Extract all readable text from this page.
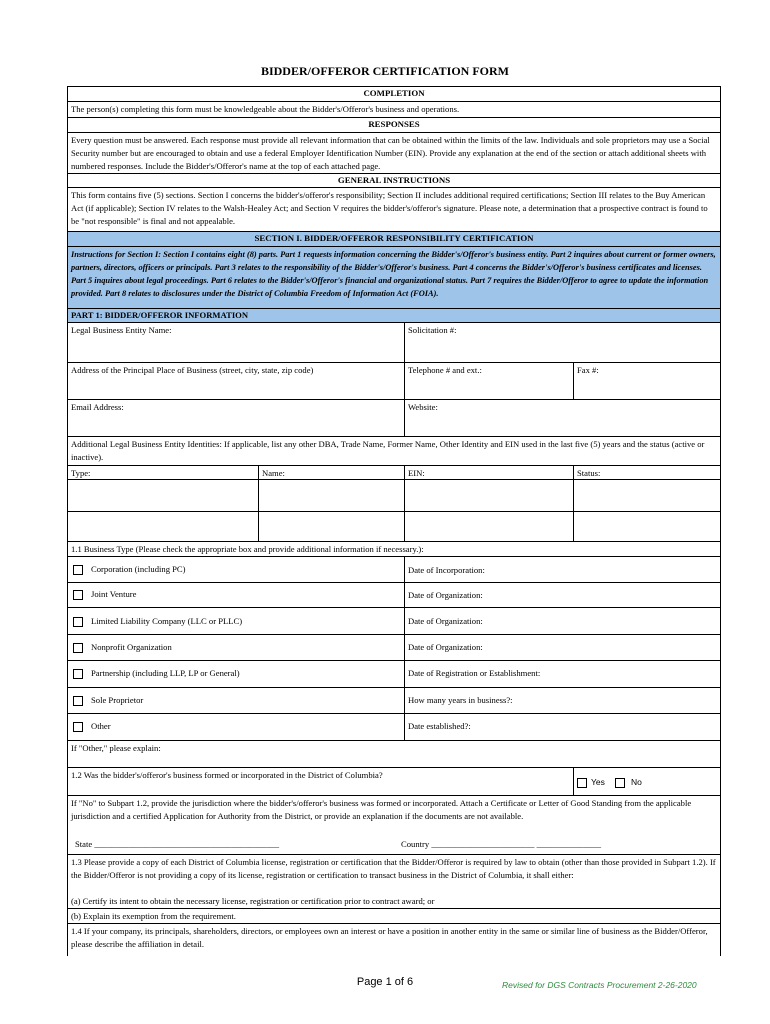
BIDDER/OFFEROR CERTIFICATION FORM
COMPLETION
The person(s) completing this form must be knowledgeable about the Bidder's/Offeror's business and operations.
RESPONSES
Every question must be answered. Each response must provide all relevant information that can be obtained within the limits of the law. Individuals and sole proprietors may use a Social Security number but are encouraged to obtain and use a federal Employer Identification Number (EIN). Provide any explanation at the end of the section or attach additional sheets with numbered responses. Include the Bidder's/Offeror's name at the top of each attached page.
GENERAL INSTRUCTIONS
This form contains five (5) sections. Section I concerns the bidder's/offeror's responsibility; Section II includes additional required certifications; Section III relates to the Buy American Act (if applicable); Section IV relates to the Walsh-Healey Act; and Section V requires the bidder's/offeror's signature. Please note, a determination that a prospective contract is found to be "not responsible" is final and not appealable.
SECTION I. BIDDER/OFFEROR RESPONSIBILITY CERTIFICATION
Instructions for Section I: Section I contains eight (8) parts. Part 1 requests information concerning the Bidder's/Offeror's business entity. Part 2 inquires about current or former owners, partners, directors, officers or principals. Part 3 relates to the responsibility of the Bidder's/Offeror's business. Part 4 concerns the Bidder's/Offeror's business certificates and licenses. Part 5 inquires about legal proceedings. Part 6 relates to the Bidder's/Offeror's financial and organizational status. Part 7 requires the Bidder/Offeror to agree to update the information provided. Part 8 relates to disclosures under the District of Columbia Freedom of Information Act (FOIA).
PART 1: BIDDER/OFFEROR INFORMATION
Legal Business Entity Name:	Solicitation #:
Address of the Principal Place of Business (street, city, state, zip code)	Telephone # and ext.:	Fax #:
Email Address:	Website:
Additional Legal Business Entity Identities: If applicable, list any other DBA, Trade Name, Former Name, Other Identity and EIN used in the last five (5) years and the status (active or inactive).
Type:	Name:	EIN:	Status:
1.1 Business Type (Please check the appropriate box and provide additional information if necessary.):
Corporation (including PC)	Date of Incorporation:
Joint Venture	Date of Organization:
Limited Liability Company (LLC or PLLC)	Date of Organization:
Nonprofit Organization	Date of Organization:
Partnership (including LLP, LP or General)	Date of Registration or Establishment:
Sole Proprietor	How many years in business?:
Other	Date established?:
If "Other," please explain:
1.2 Was the bidder's/offeror's business formed or incorporated in the District of Columbia?
Yes	No
If "No" to Subpart 1.2, provide the jurisdiction where the bidder's/offeror's business was formed or incorporated. Attach a Certificate or Letter of Good Standing from the applicable jurisdiction and a certified Application for Authority from the District, or provide an explanation if the documents are not available.
State ___________________________________________	Country ________________________ _______________
1.3 Please provide a copy of each District of Columbia license, registration or certification that the Bidder/Offeror is required by law to obtain (other than those provided in Subpart 1.2). If the Bidder/Offeror is not providing a copy of its license, registration or certification to transact business in the District of Columbia, it shall either:
(a) Certify its intent to obtain the necessary license, registration or certification prior to contract award; or
(b) Explain its exemption from the requirement.
1.4 If your company, its principals, shareholders, directors, or employees own an interest or have a position in another entity in the same or similar line of business as the Bidder/Offeror, please describe the affiliation in detail.
Page 1 of 6	Revised for DGS Contracts Procurement 2-26-2020
